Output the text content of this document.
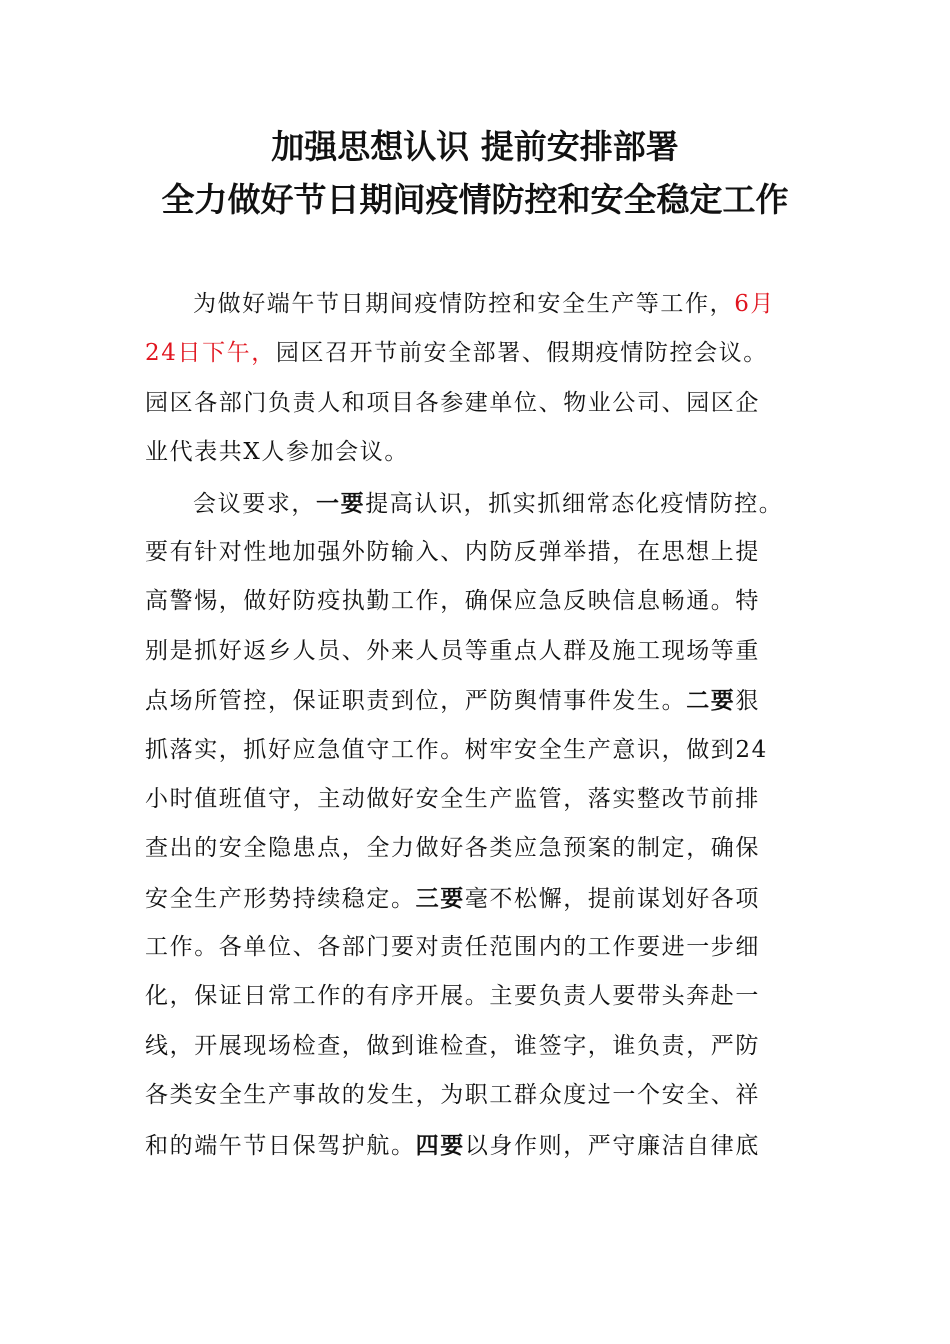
加强思想认识 提前安排部署
全力做好节日期间疫情防控和安全稳定工作
为做好端午节日期间疫情防控和安全生产等工作，6月
24日下午，园区召开节前安全部署、假期疫情防控会议。
园区各部门负责人和项目各参建单位、物业公司、园区企
业代表共X人参加会议。
会议要求，一要提高认识，抓实抓细常态化疫情防控。
要有针对性地加强外防输入、内防反弹举措，在思想上提
高警惕，做好防疫执勤工作，确保应急反映信息畅通。特
别是抓好返乡人员、外来人员等重点人群及施工现场等重
点场所管控，保证职责到位，严防舆情事件发生。二要狠
抓落实，抓好应急值守工作。树牢安全生产意识，做到24
小时值班值守，主动做好安全生产监管，落实整改节前排
查出的安全隐患点，全力做好各类应急预案的制定，确保
安全生产形势持续稳定。三要毫不松懈，提前谋划好各项
工作。各单位、各部门要对责任范围内的工作要进一步细
化，保证日常工作的有序开展。主要负责人要带头奔赴一
线，开展现场检查，做到谁检查，谁签字，谁负责，严防
各类安全生产事故的发生，为职工群众度过一个安全、祥
和的端午节日保驾护航。四要以身作则，严守廉洁自律底
